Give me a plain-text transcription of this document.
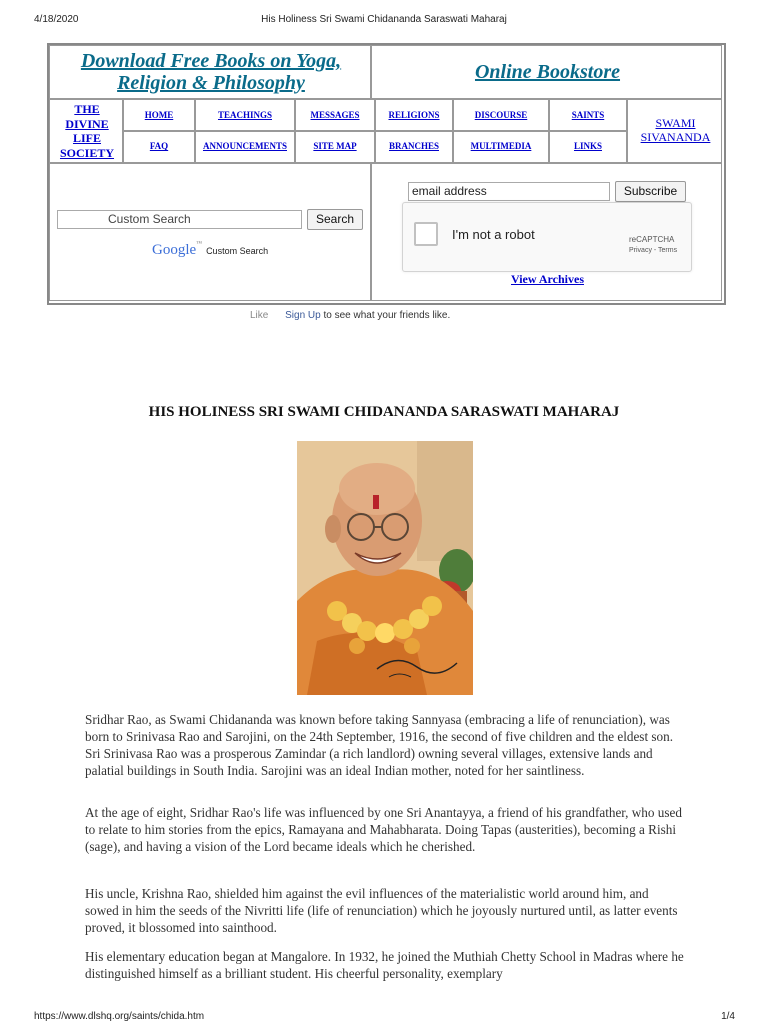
4/18/2020	His Holiness Sri Swami Chidananda Saraswati Maharaj
Download Free Books on Yoga,
Religion & Philosophy	Online Bookstore
THE
DIVINE
LIFE
SOCIETY
HOME	TEACHINGS	MESSAGES	RELIGIONS	DISCOURSE	SAINTS
FAQ	ANNOUNCEMENTS	SITE MAP	BRANCHES	MULTIMEDIA	LINKS
SWAMI
SIVANANDA
Custom Search	Search
Google™ Custom Search
email address	Subscribe
I'm not a robot	reCAPTCHA
Privacy - Terms
View Archives
Like Sign Up to see what your friends like.
HIS HOLINESS SRI SWAMI CHIDANANDA SARASWATI MAHARAJ

Sridhar Rao, as Swami Chidananda was known before taking Sannyasa (embracing a life of renunciation), was born to Srinivasa Rao and Sarojini, on the 24th September, 1916, the second of five children and the eldest son. Sri Srinivasa Rao was a prosperous Zamindar (a rich landlord) owning several villages, extensive lands and palatial buildings in South India. Sarojini was an ideal Indian mother, noted for her saintliness.

At the age of eight, Sridhar Rao's life was influenced by one Sri Anantayya, a friend of his grandfather, who used to relate to him stories from the epics, Ramayana and Mahabharata. Doing Tapas (austerities), becoming a Rishi (sage), and having a vision of the Lord became ideals which he cherished.

His uncle, Krishna Rao, shielded him against the evil influences of the materialistic world around him, and sowed in him the seeds of the Nivritti life (life of renunciation) which he joyously nurtured until, as latter events proved, it blossomed into sainthood.

His elementary education began at Mangalore. In 1932, he joined the Muthiah Chetty School in Madras where he distinguished himself as a brilliant student. His cheerful personality, exemplary

https://www.dlshq.org/saints/chida.htm	1/4
